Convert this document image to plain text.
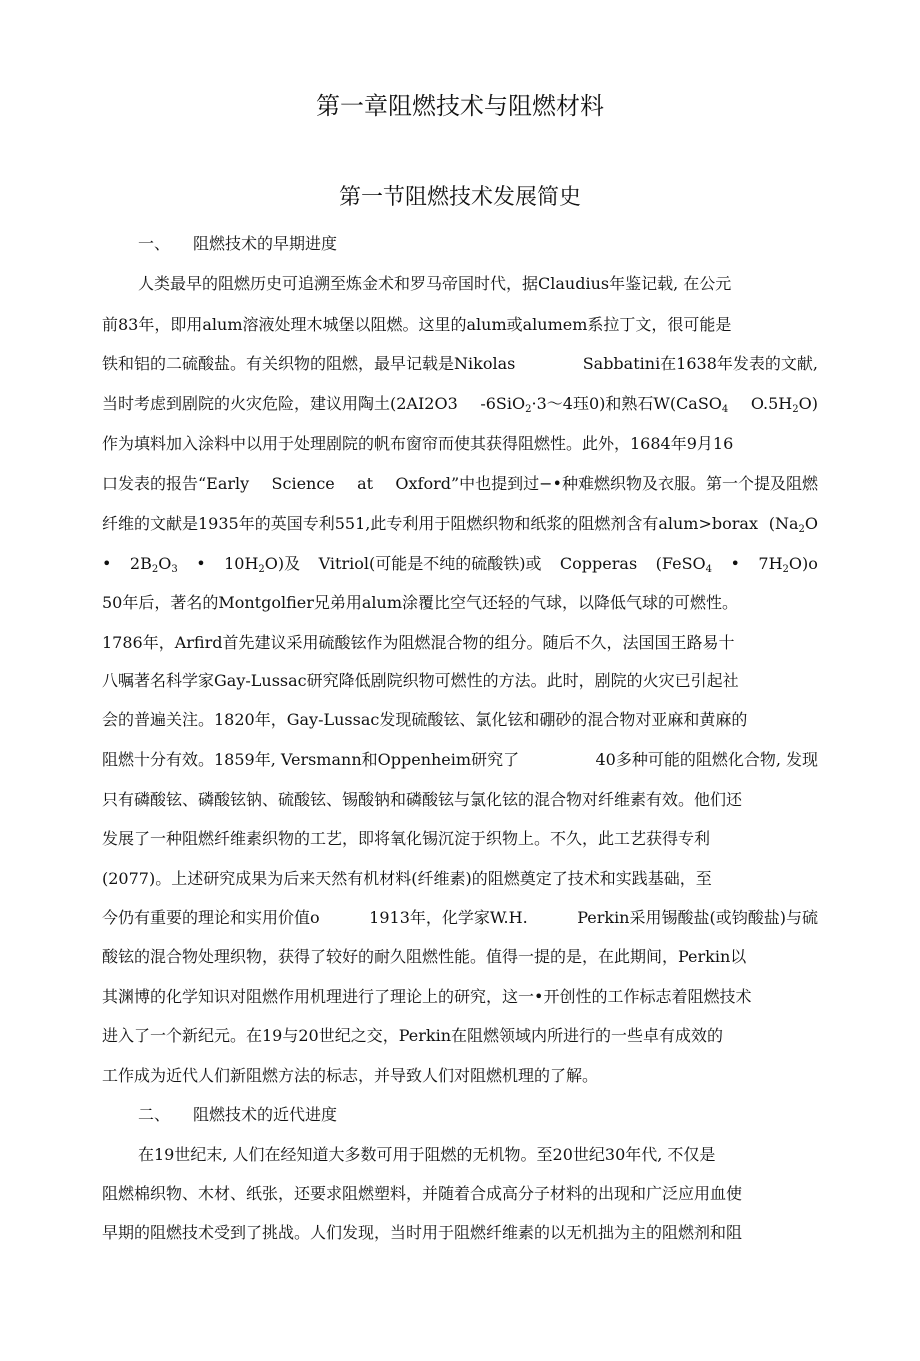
第一章阻燃技术与阻燃材料
第一节阻燃技术发展简史
一、 阻燃技术的早期进度
人类最早的阻燃历史可追溯至炼金术和罗马帝国时代，据Claudius年鉴记载, 在公元
前83年，即用alum溶液处理木城堡以阻燃。这里的alum或alumem系拉丁文，很可能是
铁和铝的二硫酸盐。有关织物的阻燃，最早记载是Nikolas	Sabbatini在1638年发表的文献,
当时考虑到剧院的火灾危险，建议用陶土(2AI2O3 -6SiO$_2$·3～4珏0)和熟石W(CaSO$_4$ $O.5H_2O$)
作为填料加入涂料中以用于处理剧院的帆布窗帘而使其获得阻燃性。此外，1684年9月16
口发表的报告“Early Science at Oxford”中也提到过−•种难燃织物及衣服。第一个提及阻燃
纤维的文献是1935年的英国专利551,此专利用于阻燃织物和纸浆的阻燃剂含有alum>borax ($Na_2O$
• $2B_2O_3$ • $10H_2O$)及 Vitriol(可能是不纯的硫酸铁)或 Copperas (FeSO$_4$ • $7H_2O)o$
50年后，著名的Montgolfier兄弟用alum涂覆比空气还轻的气球，以降低气球的可燃性。
1786年，Arfird首先建议采用硫酸铉作为阻燃混合物的组分。随后不久，法国国王路易十
八嘱著名科学家Gay-Lussac研究降低剧院织物可燃性的方法。此时，剧院的火灾已引起社
会的普遍关注。1820年，Gay-Lussac发现硫酸铉、氯化铉和硼砂的混合物对亚麻和黄麻的
阻燃十分有效。1859年, Versmann和Oppenheim研究了	40多种可能的阻燃化合物, 发现
只有磷酸铉、磷酸铉钠、硫酸铉、锡酸钠和磷酸铉与氯化铉的混合物对纤维素有效。他们还
发展了一种阻燃纤维素织物的工艺，即将氧化锡沉淀于织物上。不久，此工艺获得专利
(2077)。上述研究成果为后来天然有机材料(纤维素)的阻燃奠定了技术和实践基础，至
今仍有重要的理论和实用价值o	1913年，化学家W.H.	Perkin采用锡酸盐(或钧酸盐)与硫
酸铉的混合物处理织物，获得了较好的耐久阻燃性能。值得一提的是，在此期间，Perkin以
其渊博的化学知识对阻燃作用机理进行了理论上的研究，这一•开创性的工作标志着阻燃技术
进入了一个新纪元。在19与20世纪之交，Perkin在阻燃领域内所进行的一些卓有成效的
工作成为近代人们新阻燃方法的标志，并导致人们对阻燃机理的了解。
二、 阻燃技术的近代进度
在19世纪末, 人们在经知道大多数可用于阻燃的无机物。至20世纪30年代, 不仅是
阻燃棉织物、木材、纸张，还要求阻燃塑料，并随着合成高分子材料的出现和广泛应用血使
早期的阻燃技术受到了挑战。人们发现，当时用于阻燃纤维素的以无机拙为主的阻燃剂和阻
